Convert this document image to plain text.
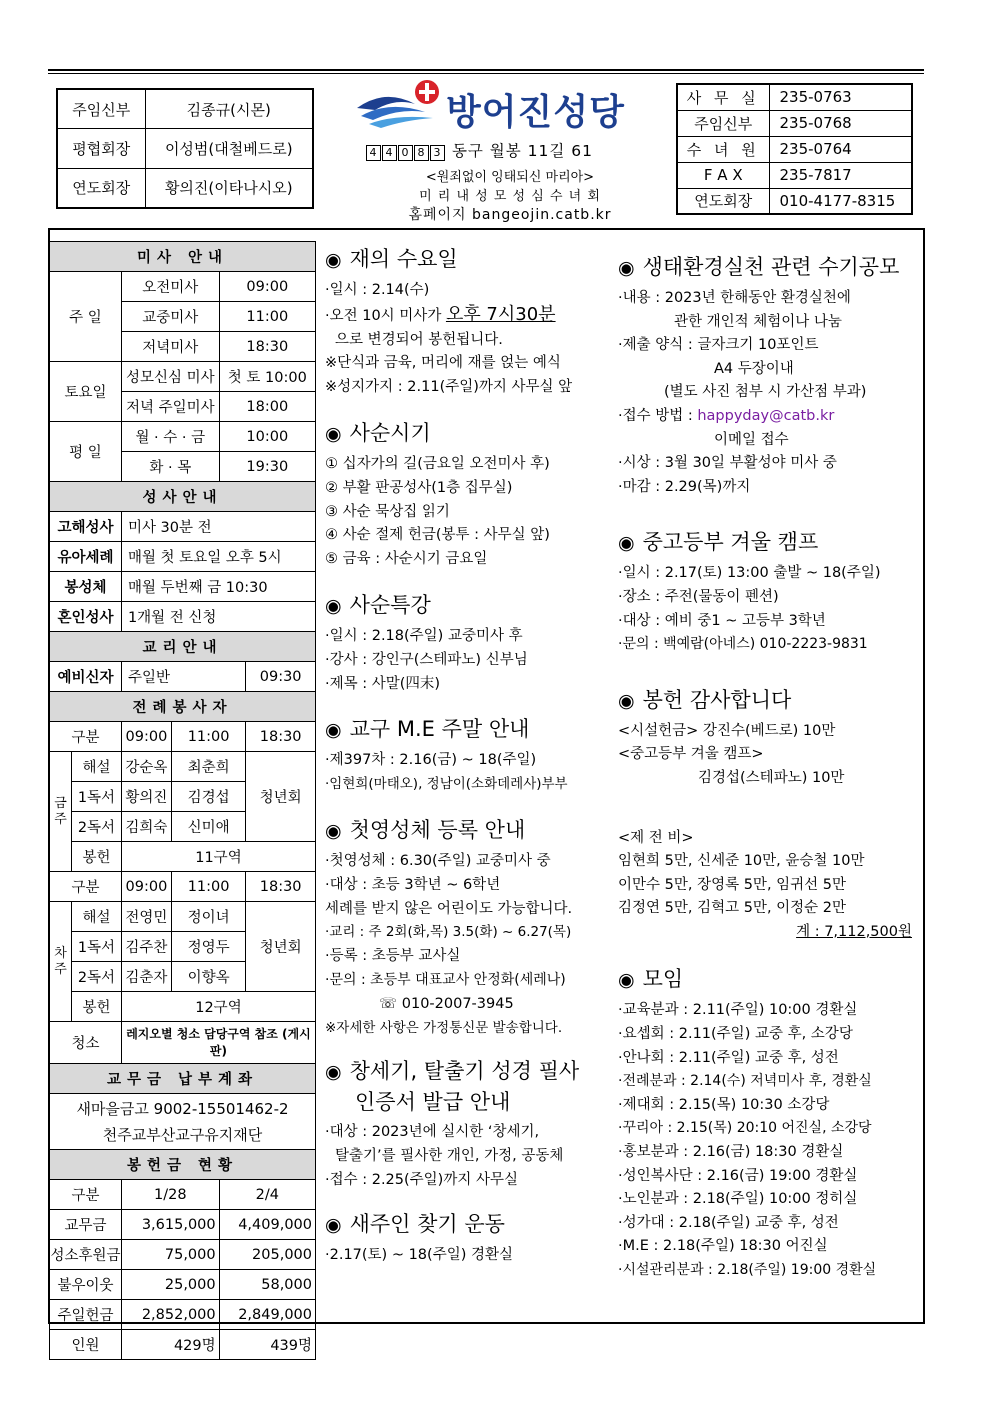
주임신부	김종규(시몬)
평협회장	이성범(대철베드로)
연도회장	황의진(이타나시오)
방어진성당
4 4 0 8 3 동구 월봉 11길 61
<원죄없이 잉태되신 마리아>
미 리 내 성 모 성 심 수 녀 회
홈페이지 bangeojin.catb.kr
사 무 실	235-0763
주임신부	235-0768
수 녀 원	235-0764
F A X	235-7817
연도회장	010-4177-8315
미사 안내					
주 일		오전미사		09:00	
		교중미사		11:00	
		저녁미사		18:30	
토요일		성모신심 미사		첫 토 10:00	
		저녁 주일미사		18:00	
평 일		월 · 수 · 금		10:00	
		화 · 목		19:30	
성사안내					
고해성사		미사 30분 전			
유아세례		매월 첫 토요일 오후 5시			
봉성체		매월 두번째 금 10:30			
혼인성사		1개월 전 신청			
교리안내					
예비신자		주일반			09:30
전례봉사자					
구분		09:00	11:00		18:30
금 주	해설	강순옥	최춘희		청년회
	1독서	황의진	김경섭		
	2독서	김희숙	신미애		
	봉헌	11구역			
구분		09:00	11:00		18:30
차 주	해설	전영민	정이녀		청년회
	1독서	김주찬	정영두		
	2독서	김춘자	이향옥		
	봉헌	12구역			
청소		레지오별 청소 담당구역 참조 (게시판)			
교무금 납부계좌					

새마을금고 9002-15501462-2
천주교부산교구유지재단					

봉헌금 현황					
구분		1/28		2/4	
교무금		3,615,000		4,409,000	
성소후원금		75,000		205,000	
불우이웃		25,000		58,000	
주일헌금		2,852,000		2,849,000	
인원		429명		439명	
◉ 재의 수요일
·일시 : 2.14(수)
·오전 10시 미사가 오후 7시30분
으로 변경되어 봉헌됩니다.
※단식과 금육, 머리에 재를 얹는 예식
※성지가지 : 2.11(주일)까지 사무실 앞
◉ 사순시기
① 십자가의 길(금요일 오전미사 후)
② 부활 판공성사(1층 집무실)
③ 사순 묵상집 읽기
④ 사순 절제 헌금(봉투 : 사무실 앞)
⑤ 금육 : 사순시기 금요일
◉ 사순특강
·일시 : 2.18(주일) 교중미사 후
·강사 : 강인구(스테파노) 신부님
·제목 : 사말(四末)
◉ 교구 M.E 주말 안내
·제397차 : 2.16(금) ~ 18(주일)
·임현희(마태오), 정남이(소화데레사)부부
◉ 첫영성체 등록 안내
·첫영성체 : 6.30(주일) 교중미사 중
·대상 : 초등 3학년 ~ 6학년
세례를 받지 않은 어린이도 가능합니다.
·교리 : 주 2회(화,목) 3.5(화) ~ 6.27(목)
·등록 : 초등부 교사실
·문의 : 초등부 대표교사 안정화(세레나)
☏ 010-2007-3945
※자세한 사항은 가정통신문 발송합니다.
◉ 창세기, 탈출기 성경 필사
인증서 발급 안내
·대상 : 2023년에 실시한 ‘창세기,
탈출기’를 필사한 개인, 가정, 공동체
·접수 : 2.25(주일)까지 사무실
◉ 새주인 찾기 운동
·2.17(토) ~ 18(주일) 경환실
◉ 생태환경실천 관련 수기공모
·내용 : 2023년 한해동안 환경실천에
관한 개인적 체험이나 나눔
·제출 양식 : 글자크기 10포인트
A4 두장이내
(별도 사진 첨부 시 가산점 부과)
·접수 방법 : happyday@catb.kr
이메일 접수
·시상 : 3월 30일 부활성야 미사 중
·마감 : 2.29(목)까지
◉ 중고등부 겨울 캠프
·일시 : 2.17(토) 13:00 출발 ~ 18(주일)
·장소 : 주전(물동이 펜션)
·대상 : 예비 중1 ~ 고등부 3학년
·문의 : 백예람(아네스) 010-2223-9831
◉ 봉헌 감사합니다
<시설헌금> 강진수(베드로) 10만
<중고등부 겨울 캠프>
김경섭(스테파노) 10만
<제 전 비>
임현희 5만, 신세준 10만, 윤승철 10만
이만수 5만, 장영록 5만, 임귀선 5만
김정연 5만, 김혁고 5만, 이정순 2만
계 : 7,112,500원
◉ 모임
·교육분과 : 2.11(주일) 10:00 경환실
·요셉회 : 2.11(주일) 교중 후, 소강당
·안나회 : 2.11(주일) 교중 후, 성전
·전례분과 : 2.14(수) 저녁미사 후, 경환실
·제대회 : 2.15(목) 10:30 소강당
·꾸리아 : 2.15(목) 20:10 어진실, 소강당
·홍보분과 : 2.16(금) 18:30 경환실
·성인복사단 : 2.16(금) 19:00 경환실
·노인분과 : 2.18(주일) 10:00 정히실
·성가대 : 2.18(주일) 교중 후, 성전
·M.E : 2.18(주일) 18:30 어진실
·시설관리분과 : 2.18(주일) 19:00 경환실
